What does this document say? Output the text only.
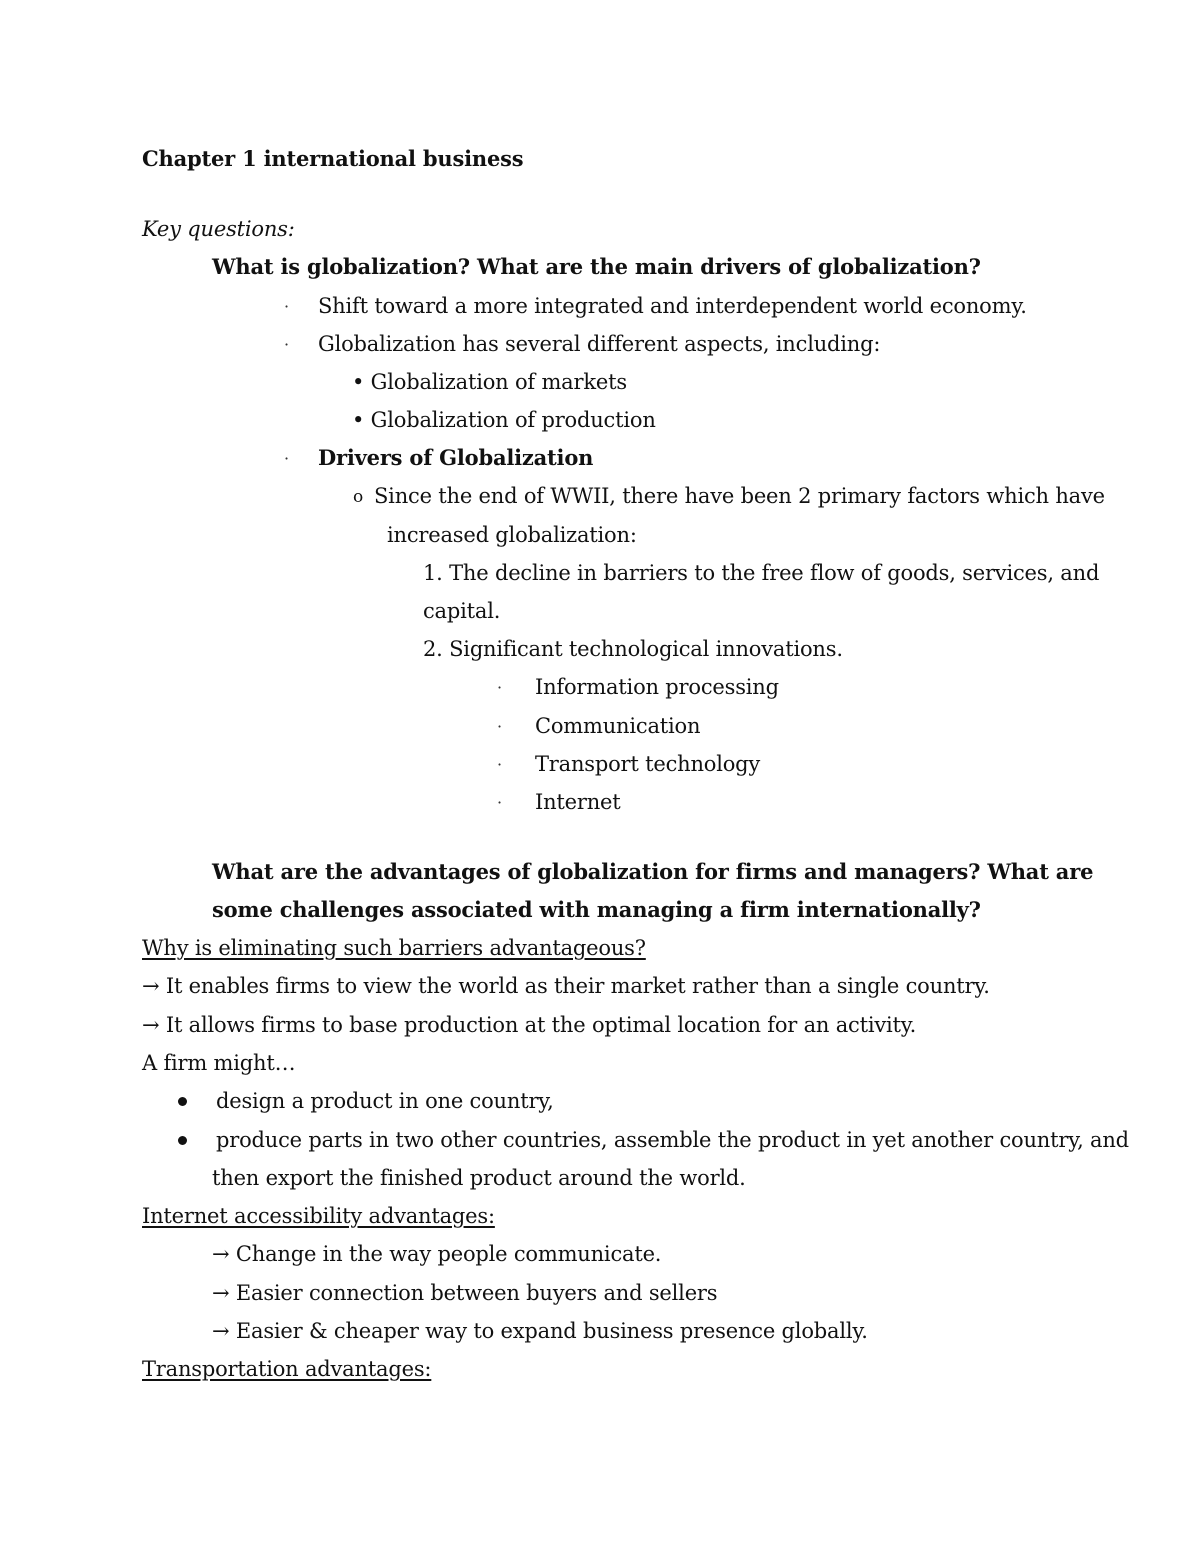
Chapter 1 international business
Key questions:
What is globalization? What are the main drivers of globalization?
· Shift toward a more integrated and interdependent world economy.
· Globalization has several different aspects, including:
• Globalization of markets
• Globalization of production
· Drivers of Globalization
o Since the end of WWII, there have been 2 primary factors which have
increased globalization:
1. The decline in barriers to the free flow of goods, services, and
capital.
2. Significant technological innovations.
· Information processing
· Communication
· Transport technology
· Internet
What are the advantages of globalization for firms and managers? What are
some challenges associated with managing a firm internationally?
Why is eliminating such barriers advantageous?
→ It enables firms to view the world as their market rather than a single country.
→ It allows firms to base production at the optimal location for an activity.
A firm might…
design a product in one country,
produce parts in two other countries, assemble the product in yet another country, and
then export the finished product around the world.
Internet accessibility advantages:
→ Change in the way people communicate.
→ Easier connection between buyers and sellers
→ Easier & cheaper way to expand business presence globally.
Transportation advantages:
